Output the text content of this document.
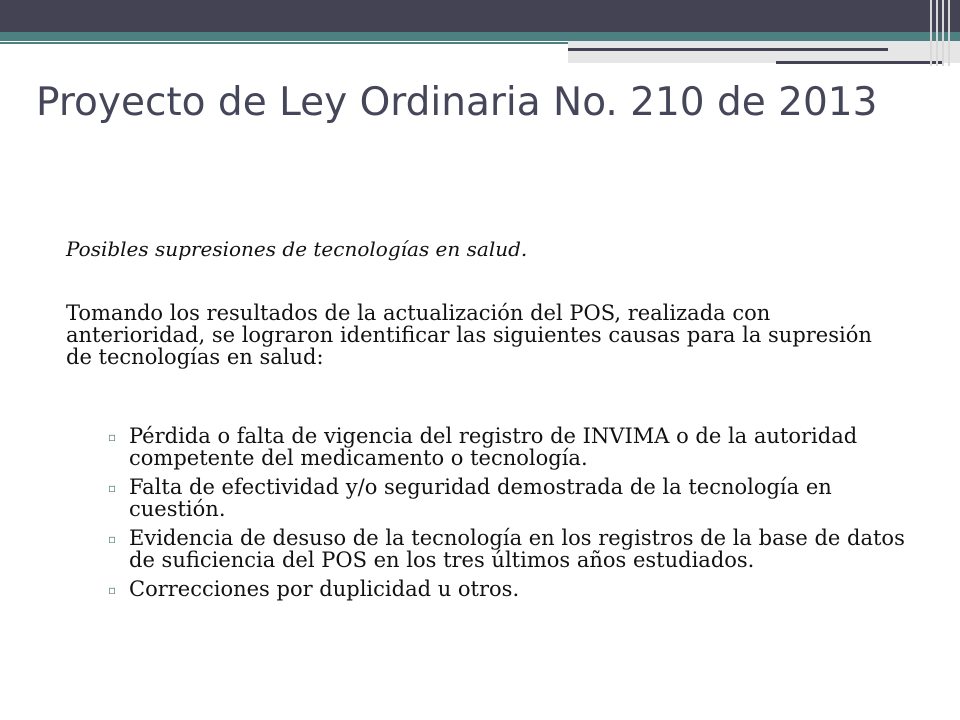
Proyecto de Ley Ordinaria No. 210 de 2013
Posibles supresiones de tecnologías en salud.
Tomando los resultados de la actualización del POS, realizada con anterioridad, se lograron identificar las siguientes causas para la supresión de tecnologías en salud:
▫ Pérdida o falta de vigencia del registro de INVIMA o de la autoridad competente del medicamento o tecnología.
▫ Falta de efectividad y/o seguridad demostrada de la tecnología en cuestión.
▫ Evidencia de desuso de la tecnología en los registros de la base de datos de suficiencia del POS en los tres últimos años estudiados.
▫ Correcciones por duplicidad u otros.
